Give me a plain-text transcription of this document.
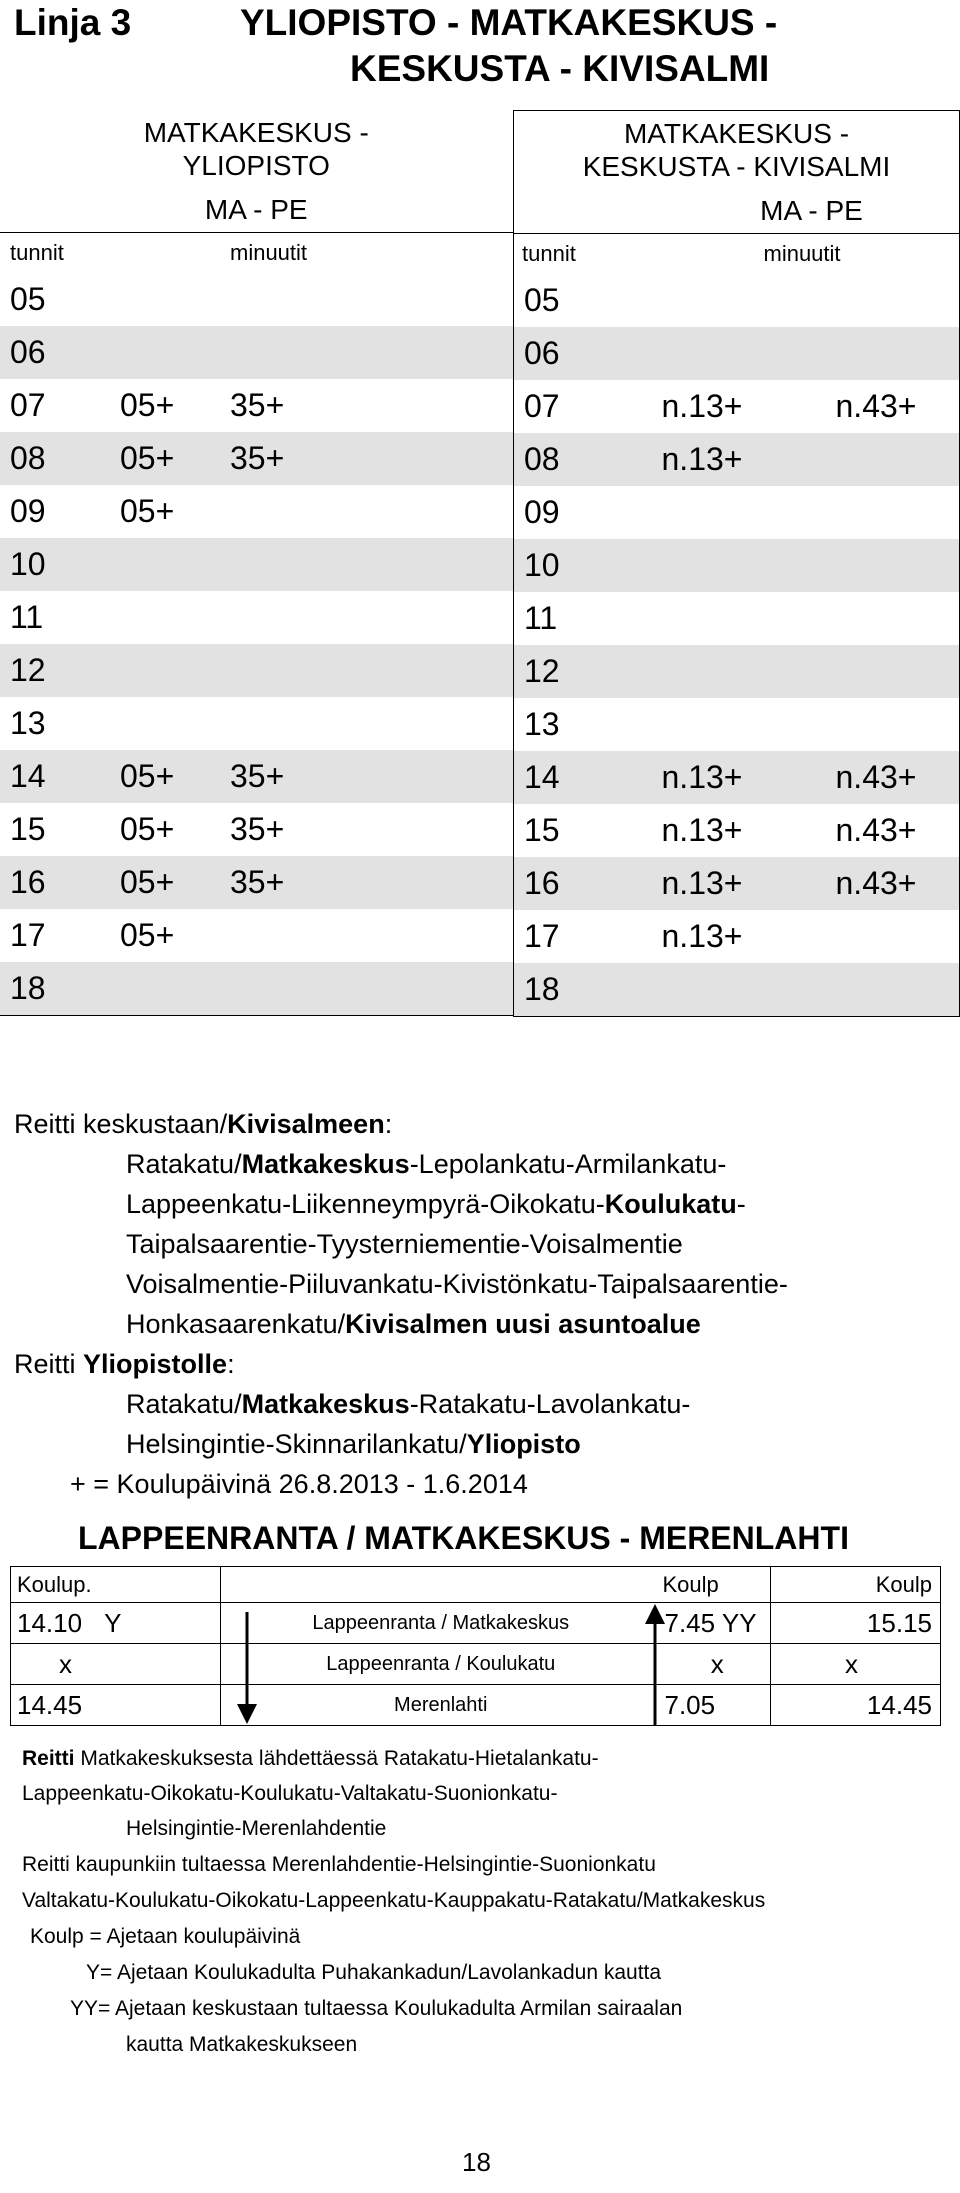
Linja 3	YLIOPISTO - MATKAKESKUS -
KESKUSTA - KIVISALMI
MATKAKESKUS -
YLIOPISTO		
MA - PE		
tunnit	minuutit	
05		
06		
07	05+	35+
08	05+	35+
09	05+	
10		
11		
12		
13		
14	05+	35+
15	05+	35+
16	05+	35+
17	05+	
18		
MATKAKESKUS -
KESKUSTA - KIVISALMI		
MA - PE		
tunnit	minuutit	
05		
06		
07	n.13+	n.43+
08	n.13+	
09		
10		
11		
12		
13		
14	n.13+	n.43+
15	n.13+	n.43+
16	n.13+	n.43+
17	n.13+	
18		
Reitti keskustaan/Kivisalmeen:
Ratakatu/Matkakeskus-Lepolankatu-Armilankatu-
Lappeenkatu-Liikenneympyrä-Oikokatu-Koulukatu-
Taipalsaarentie-Tyysterniementie-Voisalmentie
Voisalmentie-Piiluvankatu-Kivistönkatu-Taipalsaarentie-
Honkasaarenkatu/Kivisalmen uusi asuntoalue
Reitti Yliopistolle:
Ratakatu/Matkakeskus-Ratakatu-Lavolankatu-
Helsingintie-Skinnarilankatu/Yliopisto
+ = Koulupäivinä 26.8.2013 - 1.6.2014
LAPPEENRANTA / MATKAKESKUS - MERENLAHTI
Koulup.		Koulp	Koulp
14.10 Y	Lappeenranta / Matkakeskus	7.45 YY	15.15
x	Lappeenranta / Koulukatu	x	x
14.45	Merenlahti	7.05	14.45
Reitti Matkakeskuksesta lähdettäessä Ratakatu-Hietalankatu-
Lappeenkatu-Oikokatu-Koulukatu-Valtakatu-Suonionkatu-
Helsingintie-Merenlahdentie
Reitti kaupunkiin tultaessa Merenlahdentie-Helsingintie-Suonionkatu
Valtakatu-Koulukatu-Oikokatu-Lappeenkatu-Kauppakatu-Ratakatu/Matkakeskus
Koulp = Ajetaan koulupäivinä
Y= Ajetaan Koulukadulta Puhakankadun/Lavolankadun kautta
YY= Ajetaan keskustaan tultaessa Koulukadulta Armilan sairaalan
kautta Matkakeskukseen
18
